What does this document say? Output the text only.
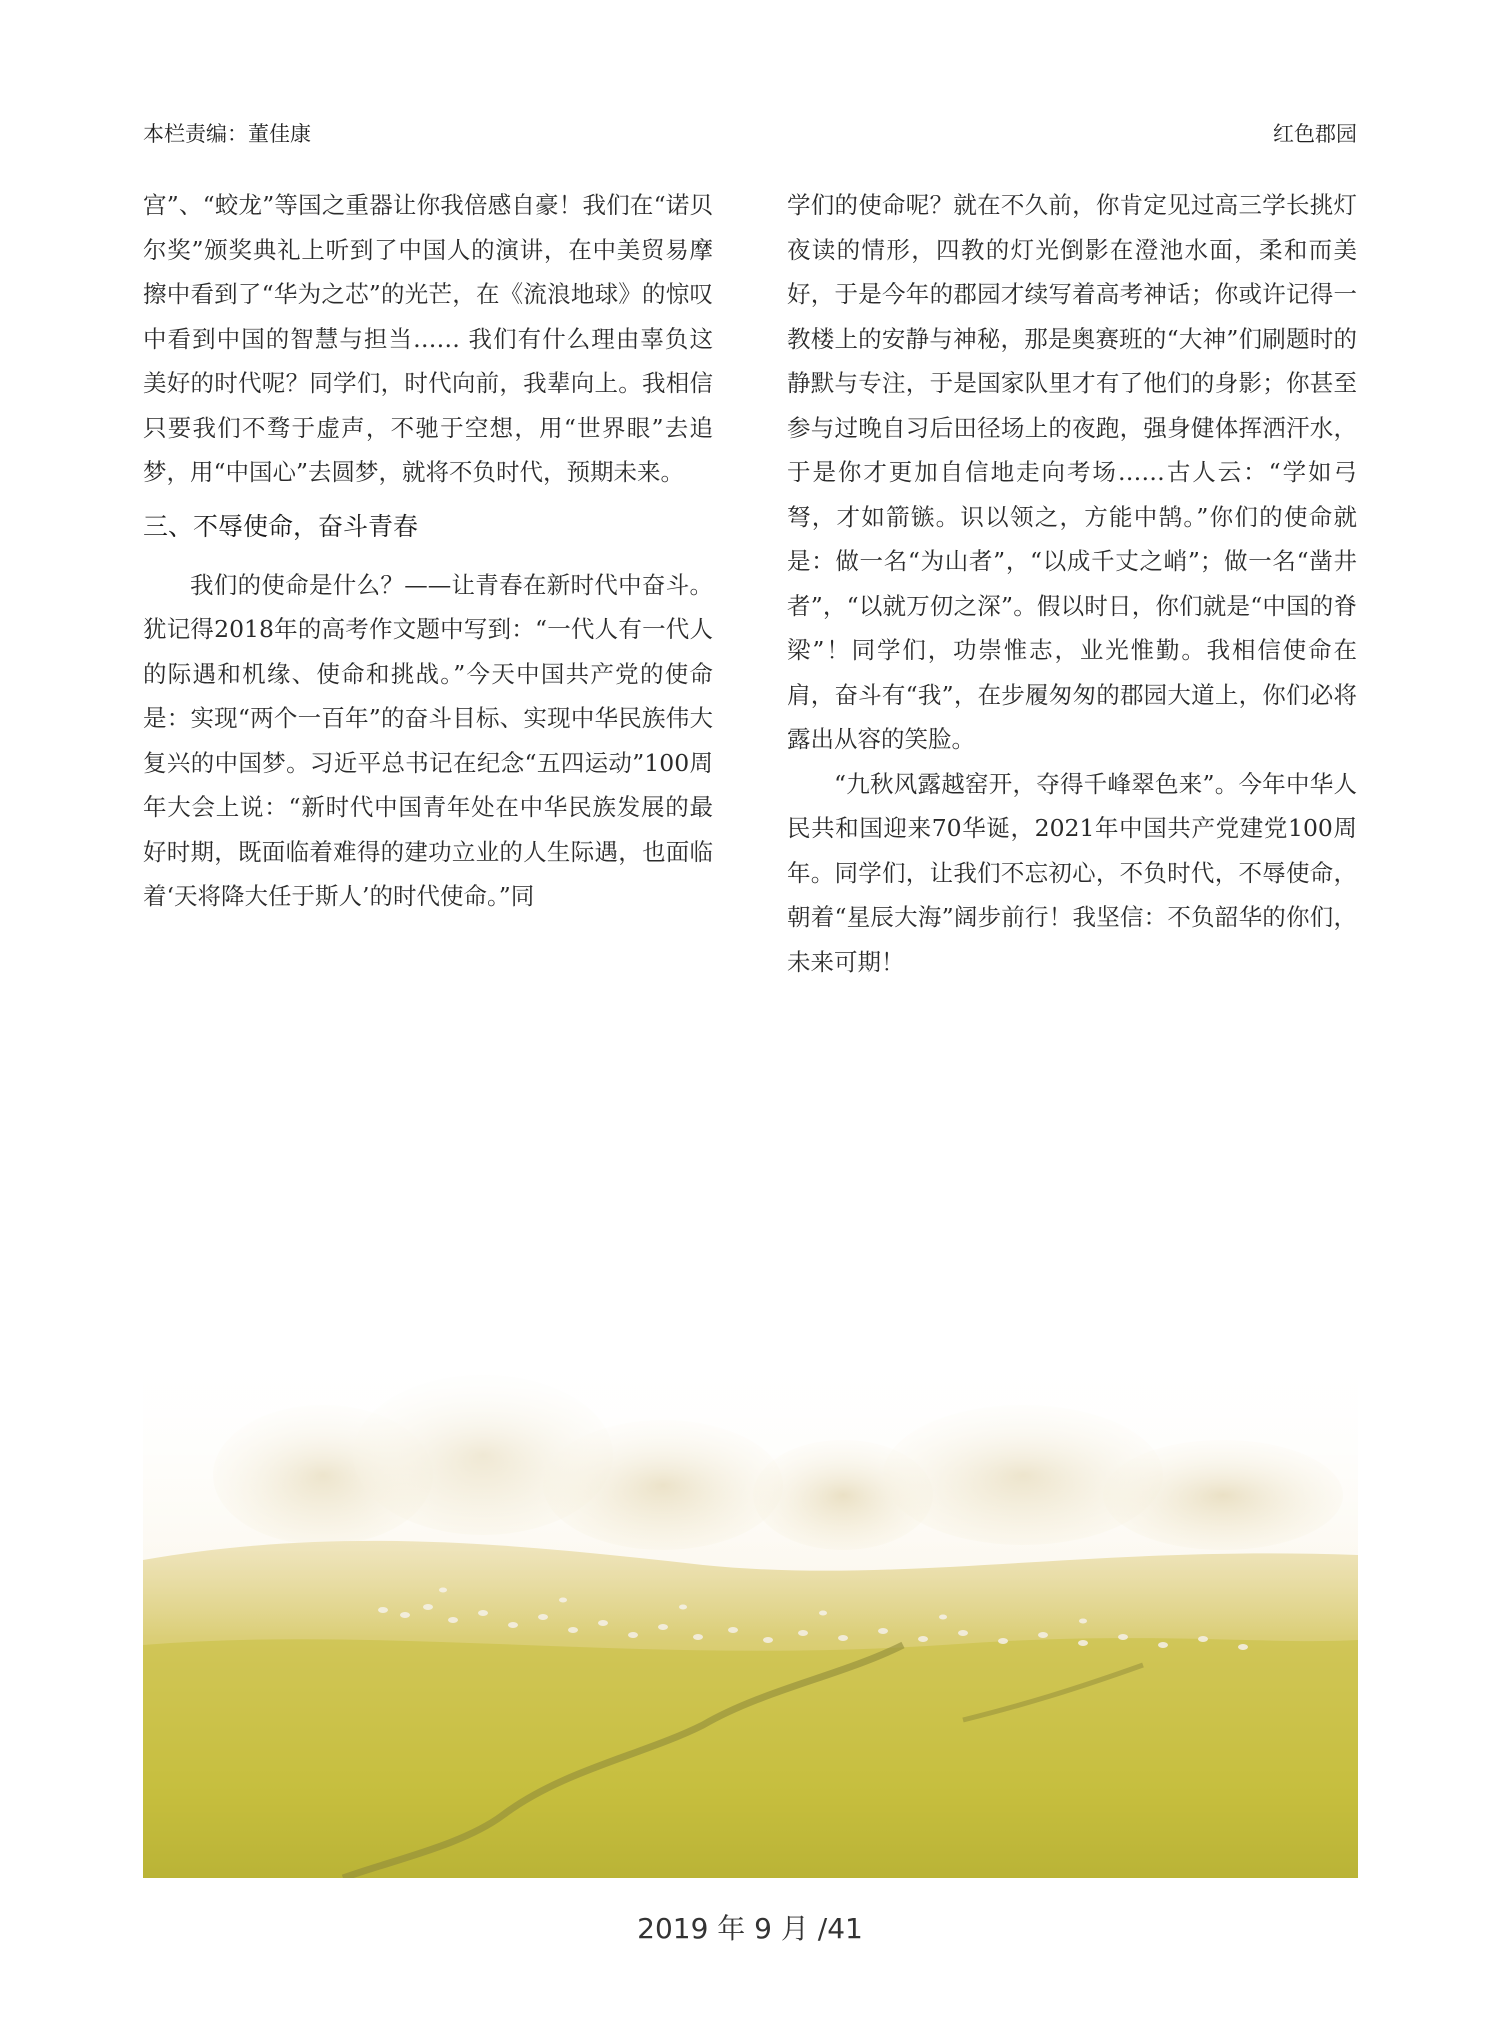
本栏责编：董佳康	红色郡园

宫”、“蛟龙”等国之重器让你我倍感自豪！我们在“诺贝尔奖”颁奖典礼上听到了中国人的演讲，在中美贸易摩擦中看到了“华为之芯”的光芒，在《流浪地球》的惊叹中看到中国的智慧与担当…… 我们有什么理由辜负这美好的时代呢？同学们，时代向前，我辈向上。我相信只要我们不骛于虚声，不驰于空想，用“世界眼”去追梦，用“中国心”去圆梦，就将不负时代，预期未来。

三、不辱使命，奋斗青春

我们的使命是什么？——让青春在新时代中奋斗。犹记得2018年的高考作文题中写到：“一代人有一代人的际遇和机缘、使命和挑战。”今天中国共产党的使命是：实现“两个一百年”的奋斗目标、实现中华民族伟大复兴的中国梦。习近平总书记在纪念“五四运动”100周年大会上说：“新时代中国青年处在中华民族发展的最好时期，既面临着难得的建功立业的人生际遇，也面临着‘天将降大任于斯人’的时代使命。”同

学们的使命呢？就在不久前，你肯定见过高三学长挑灯夜读的情形，四教的灯光倒影在澄池水面，柔和而美好，于是今年的郡园才续写着高考神话；你或许记得一教楼上的安静与神秘，那是奥赛班的“大神”们刷题时的静默与专注，于是国家队里才有了他们的身影；你甚至参与过晚自习后田径场上的夜跑，强身健体挥洒汗水，于是你才更加自信地走向考场……古人云：“学如弓弩，才如箭镞。识以领之，方能中鹄。”你们的使命就是：做一名“为山者”，“以成千丈之峭”；做一名“凿井者”，“以就万仞之深”。假以时日，你们就是“中国的脊梁”！同学们，功崇惟志，业光惟勤。我相信使命在肩，奋斗有“我”，在步履匆匆的郡园大道上，你们必将露出从容的笑脸。

“九秋风露越窑开，夺得千峰翠色来”。今年中华人民共和国迎来70华诞，2021年中国共产党建党100周年。同学们，让我们不忘初心，不负时代，不辱使命，朝着“星辰大海”阔步前行！我坚信：不负韶华的你们，未来可期！

2019 年 9 月 /41
